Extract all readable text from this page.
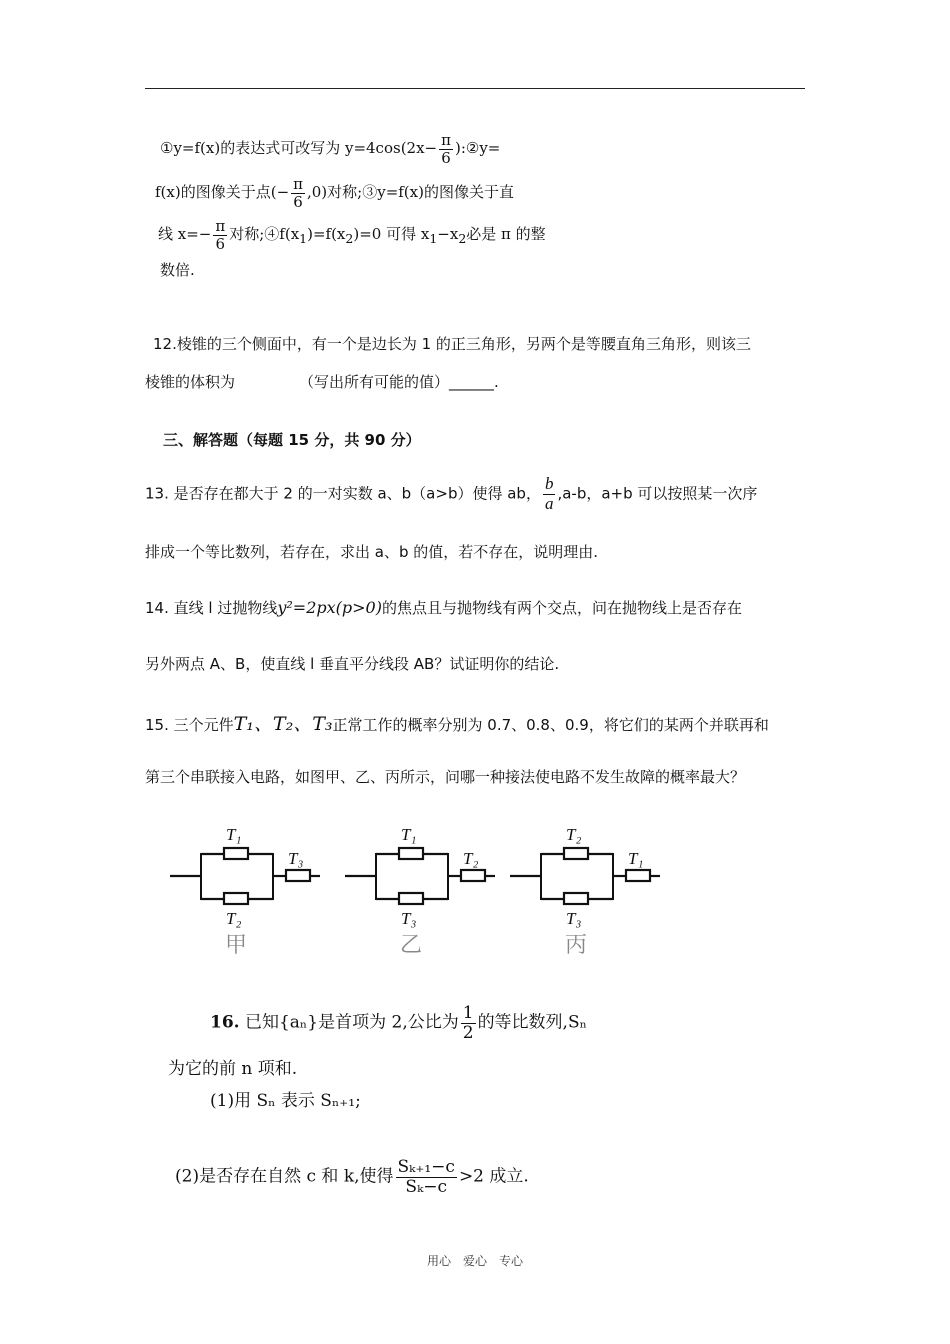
①y=f(x)的表达式可改写为 $y=4\cos(2x- \frac{\pi}{6}$ ):②y=
f(x)的图像关于点(− $\frac{\pi}{6} ,0$)对称;③y=f(x)的图像关于直
线 $x=- \frac{\pi}{6}$ 对称$;④f(x_1)=f(x_2)=0$ 可得 $x_1-x_2$必是 π 的整
数倍.
12.棱锥的三个侧面中，有一个是边长为 1 的正三角形，另两个是等腰直角三角形，则该三
棱锥的体积为	（写出所有可能的值）______.
三、解答题（每题 15 分，共 90 分）
13. 是否存在都大于 2 的一对实数 a、b（a>b）使得 ab， $\frac{b}{a} ,a-b$，a+b 可以按照某一次序
排成一个等比数列，若存在，求出 a、b 的值，若不存在，说明理由.
14. 直线 l 过抛物线y²=2px(p>0)的焦点且与抛物线有两个交点，问在抛物线上是否存在
另外两点 A、B，使直线 l 垂直平分线段 AB？试证明你的结论.
15. 三个元件T₁、T₂、T₃正常工作的概率分别为 0.7、0.8、0.9，将它们的某两个并联再和
第三个串联接入电路，如图甲、乙、丙所示，问哪一种接法使电路不发生故障的概率最大？
T₁
T₂
T₃
甲
T₁
T₃
T₂
乙
T₂
T₃
T₁
丙
16. 已知{aₙ}是首项为 2,公比为 $\frac{1}{2}$ 的等比数列,Sₙ
为它的前 n 项和.
(1)用 Sₙ 表示 Sₙ₊₁;
(2)是否存在自然 c 和 k,使得 $\frac{\text{Sₖ₊₁−c}}{\text{Sₖ−c}} >2$ 成立.
用心　爱心　专心
